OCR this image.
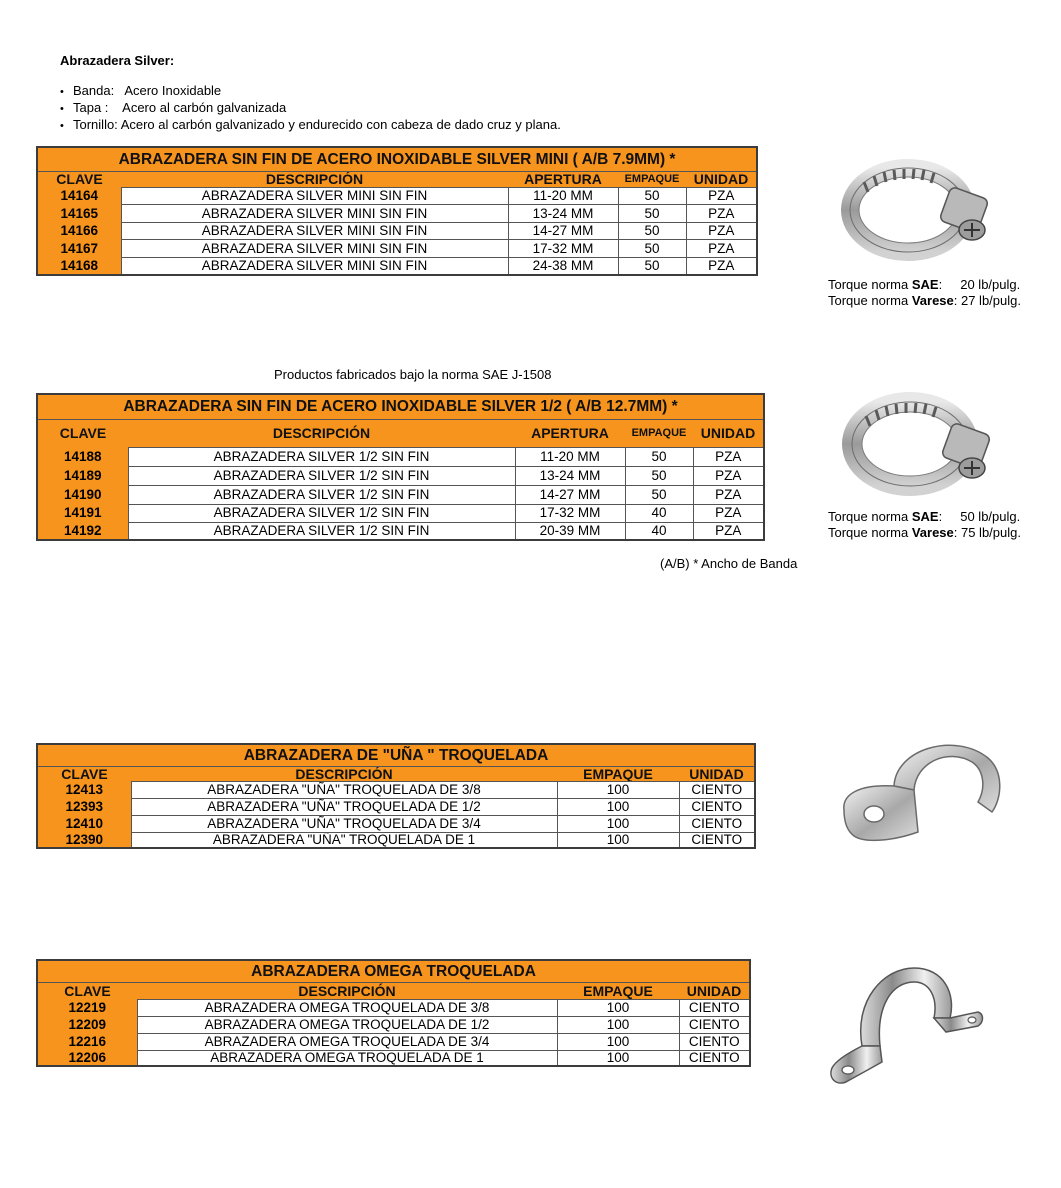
Abrazadera Silver:
• Banda:   Acero Inoxidable
• Tapa :    Acero al carbón galvanizada
• Tornillo: Acero al carbón galvanizado y endurecido con cabeza de dado cruz y plana.
ABRAZADERA SIN FIN DE ACERO INOXIDABLE SILVER MINI ( A/B 7.9MM) *				
CLAVE	DESCRIPCIÓN	APERTURA	EMPAQUE	UNIDAD
14164	ABRAZADERA SILVER MINI SIN FIN	11-20 MM	50	PZA
14165	ABRAZADERA SILVER MINI SIN FIN	13-24 MM	50	PZA
14166	ABRAZADERA SILVER MINI SIN FIN	14-27 MM	50	PZA
14167	ABRAZADERA SILVER MINI SIN FIN	17-32 MM	50	PZA
14168	ABRAZADERA SILVER MINI SIN FIN	24-38 MM	50	PZA
Torque norma SAE:     20 lb/pulg.
Torque norma Varese: 27 lb/pulg.
Productos fabricados bajo la norma SAE J-1508
ABRAZADERA SIN FIN DE ACERO INOXIDABLE SILVER 1/2 ( A/B 12.7MM) *				
CLAVE	DESCRIPCIÓN	APERTURA	EMPAQUE	UNIDAD
14188	ABRAZADERA SILVER 1/2 SIN FIN	11-20 MM	50	PZA
14189	ABRAZADERA SILVER 1/2 SIN FIN	13-24 MM	50	PZA
14190	ABRAZADERA SILVER 1/2 SIN FIN	14-27 MM	50	PZA
14191	ABRAZADERA SILVER 1/2 SIN FIN	17-32 MM	40	PZA
14192	ABRAZADERA SILVER 1/2 SIN FIN	20-39 MM	40	PZA
Torque norma SAE:     50 lb/pulg.
Torque norma Varese: 75 lb/pulg.
(A/B) * Ancho de Banda
ABRAZADERA DE "UÑA " TROQUELADA			
CLAVE	DESCRIPCIÓN	EMPAQUE	UNIDAD
12413	ABRAZADERA "UÑA" TROQUELADA DE 3/8	100	CIENTO
12393	ABRAZADERA "UÑA" TROQUELADA DE 1/2	100	CIENTO
12410	ABRAZADERA "UÑA" TROQUELADA DE 3/4	100	CIENTO
12390	ABRAZADERA "UÑA" TROQUELADA DE 1	100	CIENTO
ABRAZADERA OMEGA TROQUELADA			
CLAVE	DESCRIPCIÓN	EMPAQUE	UNIDAD
12219	ABRAZADERA OMEGA TROQUELADA DE 3/8	100	CIENTO
12209	ABRAZADERA OMEGA TROQUELADA DE 1/2	100	CIENTO
12216	ABRAZADERA OMEGA TROQUELADA DE 3/4	100	CIENTO
12206	ABRAZADERA OMEGA TROQUELADA DE 1	100	CIENTO
